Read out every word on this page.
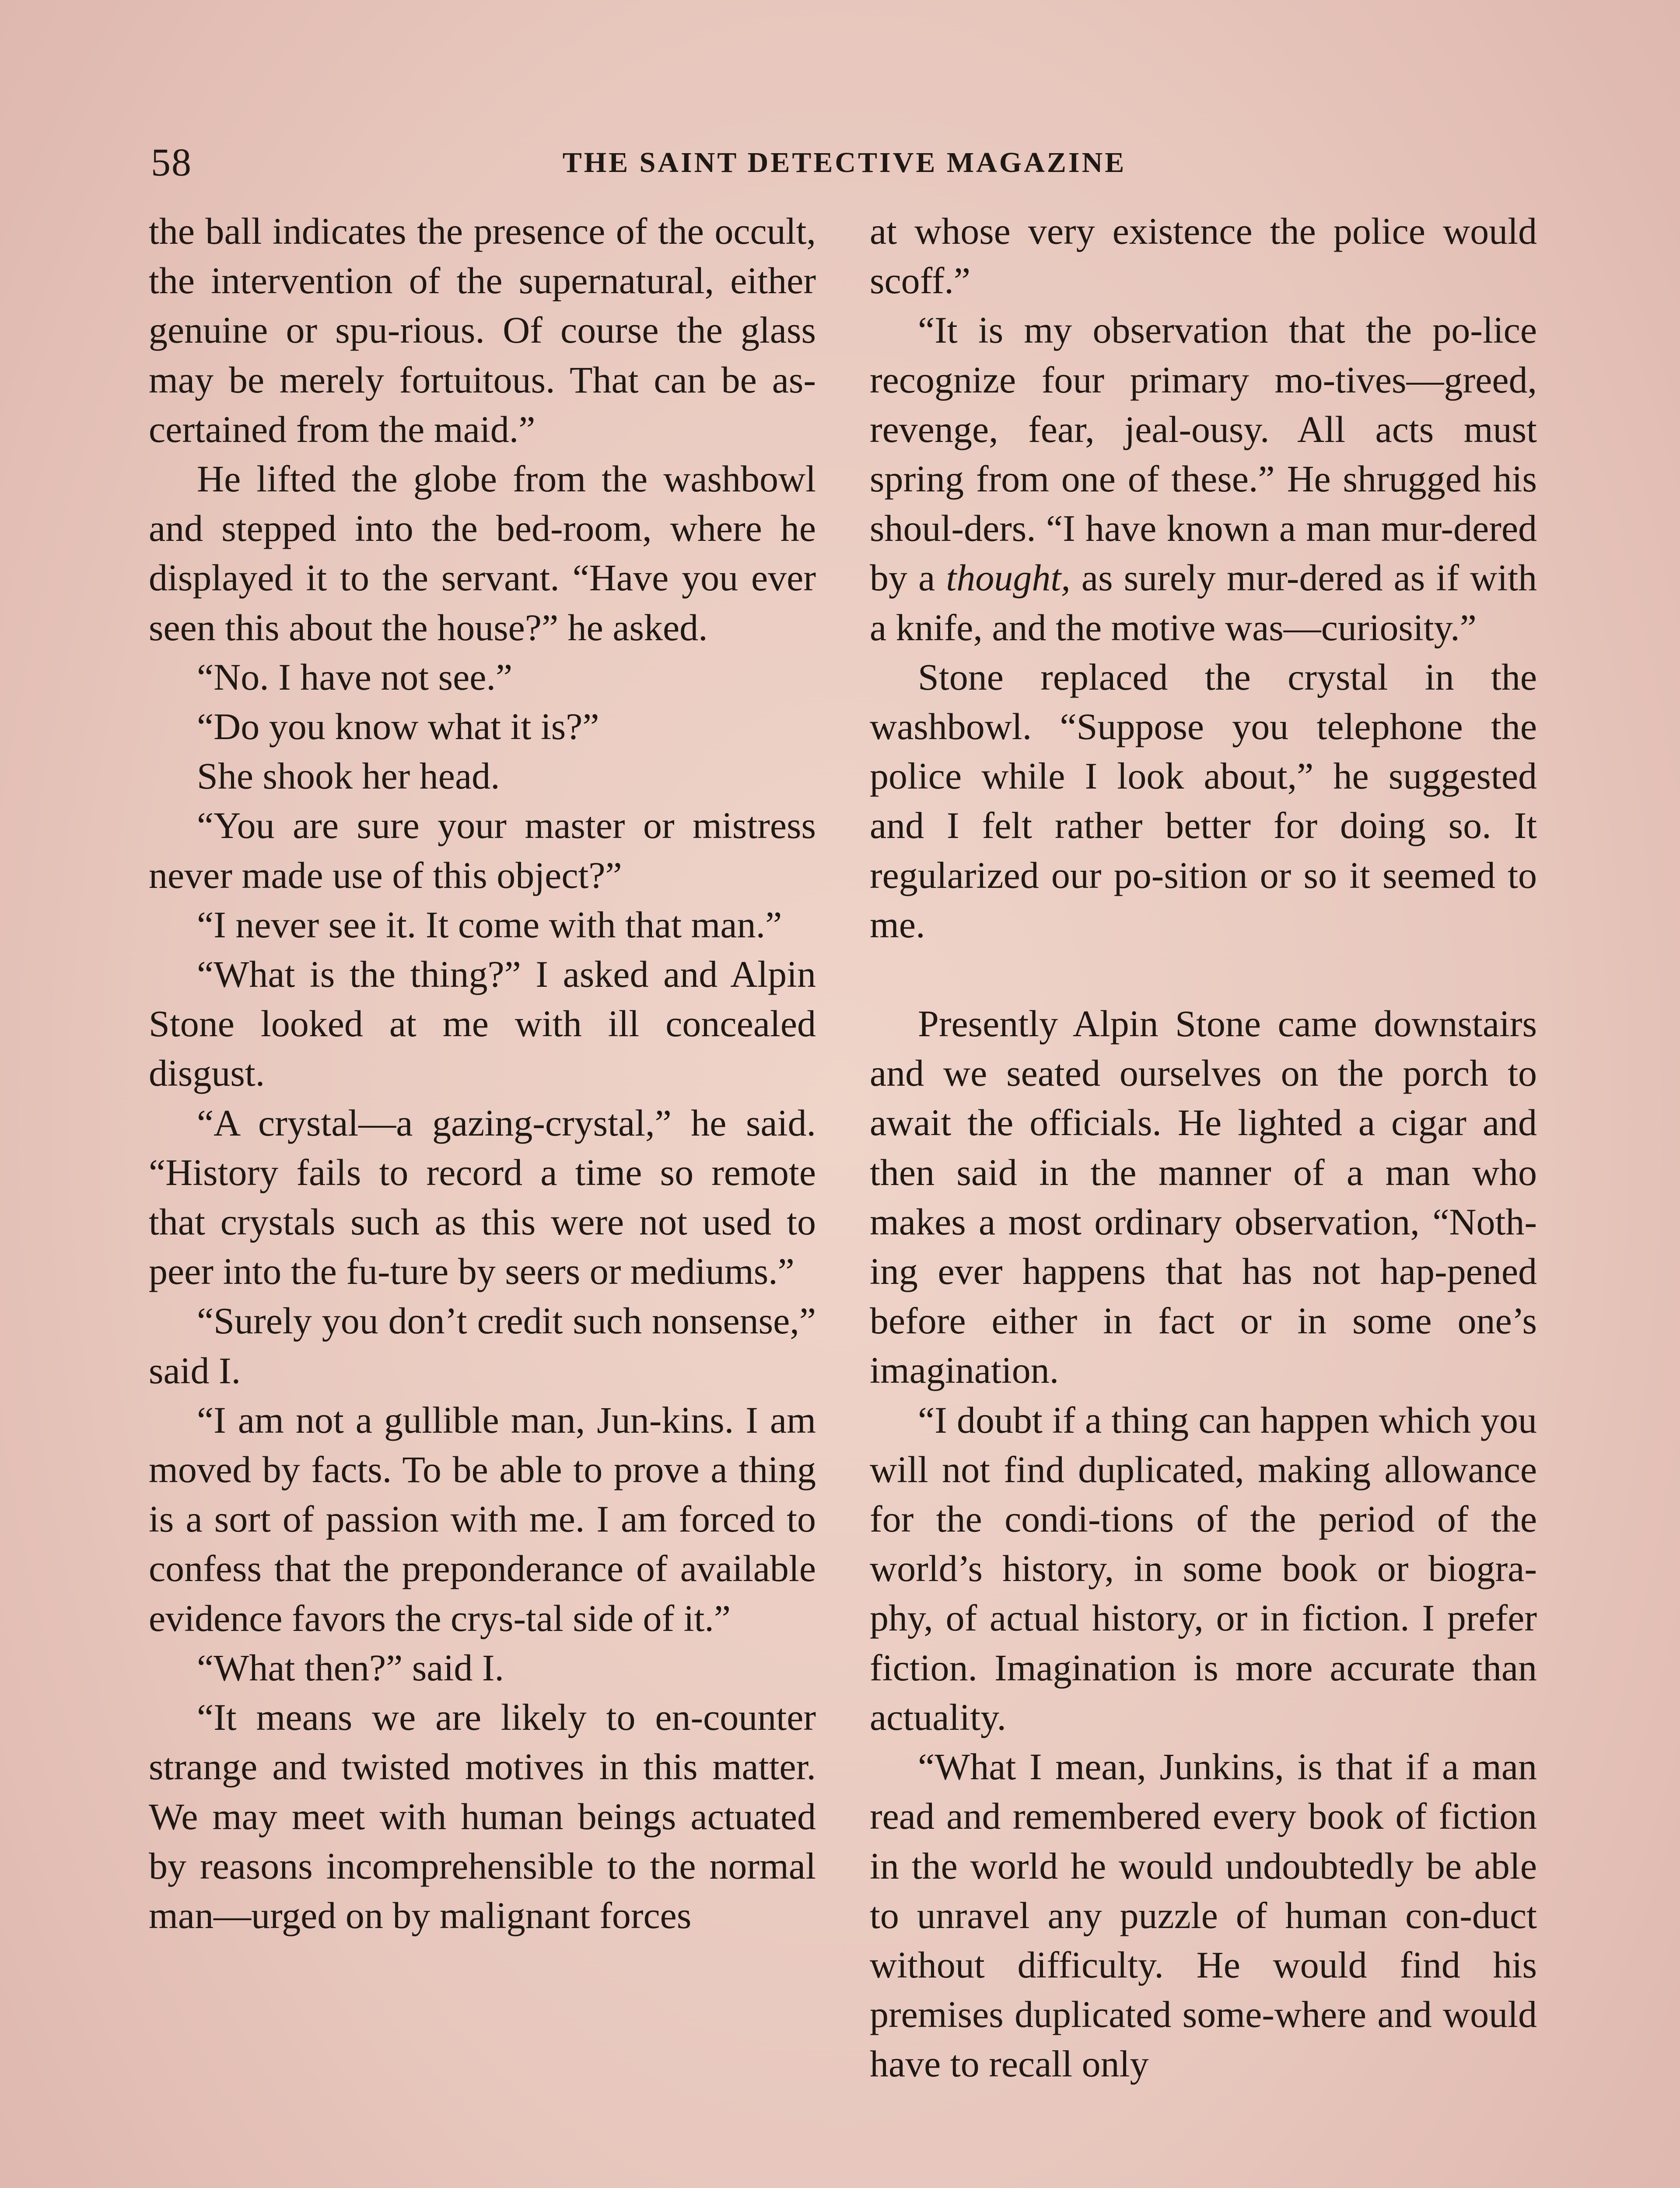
58	THE SAINT DETECTIVE MAGAZINE

the ball indicates the presence of the occult, the intervention of the supernatural, either genuine or spu-rious. Of course the glass may be merely fortuitous. That can be as-certained from the maid.”

He lifted the globe from the washbowl and stepped into the bed-room, where he displayed it to the servant. “Have you ever seen this about the house?” he asked.

“No. I have not see.”

“Do you know what it is?”

She shook her head.

“You are sure your master or mistress never made use of this object?”

“I never see it. It come with that man.”

“What is the thing?” I asked and Alpin Stone looked at me with ill concealed disgust.

“A crystal—a gazing-crystal,” he said. “History fails to record a time so remote that crystals such as this were not used to peer into the fu-ture by seers or mediums.”

“Surely you don’t credit such nonsense,” said I.

“I am not a gullible man, Jun-kins. I am moved by facts. To be able to prove a thing is a sort of passion with me. I am forced to confess that the preponderance of available evidence favors the crys-tal side of it.”

“What then?” said I.

“It means we are likely to en-counter strange and twisted motives in this matter. We may meet with human beings actuated by reasons incomprehensible to the normal man—urged on by malignant forces

at whose very existence the police would scoff.”

“It is my observation that the po-lice recognize four primary mo-tives—greed, revenge, fear, jeal-ousy. All acts must spring from one of these.” He shrugged his shoul-ders. “I have known a man mur-dered by a thought, as surely mur-dered as if with a knife, and the motive was—curiosity.”

Stone replaced the crystal in the washbowl. “Suppose you telephone the police while I look about,” he suggested and I felt rather better for doing so. It regularized our po-sition or so it seemed to me.

Presently Alpin Stone came downstairs and we seated ourselves on the porch to await the officials. He lighted a cigar and then said in the manner of a man who makes a most ordinary observation, “Noth-ing ever happens that has not hap-pened before either in fact or in some one’s imagination.

“I doubt if a thing can happen which you will not find duplicated, making allowance for the condi-tions of the period of the world’s history, in some book or biogra-phy, of actual history, or in fiction. I prefer fiction. Imagination is more accurate than actuality.

“What I mean, Junkins, is that if a man read and remembered every book of fiction in the world he would undoubtedly be able to unravel any puzzle of human con-duct without difficulty. He would find his premises duplicated some-where and would have to recall only
